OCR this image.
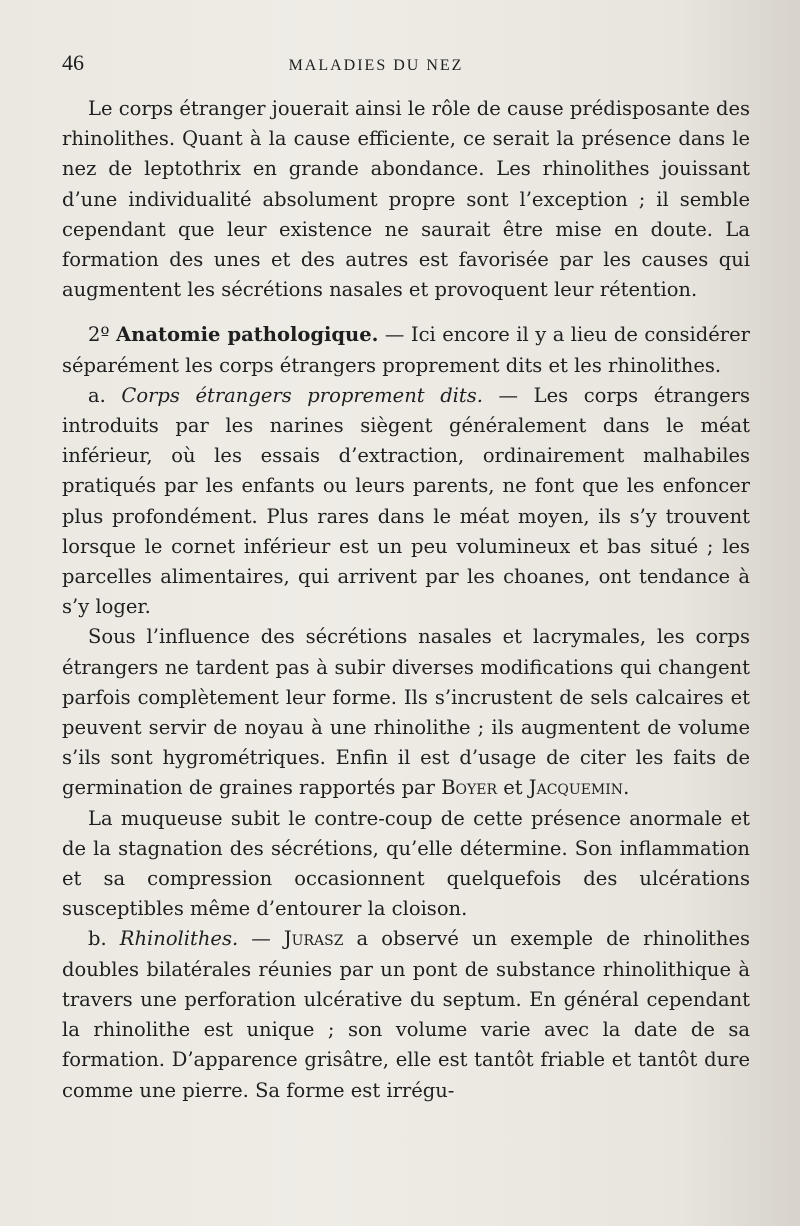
46	MALADIES DU NEZ

Le corps étranger jouerait ainsi le rôle de cause prédisposante des rhinolithes. Quant à la cause efficiente, ce serait la présence dans le nez de leptothrix en grande abondance. Les rhinolithes jouissant d’une individualité absolument propre sont l’exception ; il semble cependant que leur existence ne saurait être mise en doute. La formation des unes et des autres est favorisée par les causes qui augmentent les sécrétions nasales et provoquent leur rétention.

2º Anatomie pathologique. — Ici encore il y a lieu de considérer séparément les corps étrangers proprement dits et les rhinolithes.

a. Corps étrangers proprement dits. — Les corps étrangers introduits par les narines siègent généralement dans le méat inférieur, où les essais d’extraction, ordinairement malhabiles pratiqués par les enfants ou leurs parents, ne font que les enfoncer plus profondément. Plus rares dans le méat moyen, ils s’y trouvent lorsque le cornet inférieur est un peu volumineux et bas situé ; les parcelles alimentaires, qui arrivent par les choanes, ont tendance à s’y loger.

Sous l’influence des sécrétions nasales et lacrymales, les corps étrangers ne tardent pas à subir diverses modifications qui changent parfois complètement leur forme. Ils s’incrustent de sels calcaires et peuvent servir de noyau à une rhinolithe ; ils augmentent de volume s’ils sont hygrométriques. Enfin il est d’usage de citer les faits de germination de graines rapportés par Boyer et Jacquemin.

La muqueuse subit le contre-coup de cette présence anormale et de la stagnation des sécrétions, qu’elle détermine. Son inflammation et sa compression occasionnent quelquefois des ulcérations susceptibles même d’entourer la cloison.

b. Rhinolithes. — Jurasz a observé un exemple de rhinolithes doubles bilatérales réunies par un pont de substance rhinolithique à travers une perforation ulcérative du septum. En général cependant la rhinolithe est unique ; son volume varie avec la date de sa formation. D’apparence grisâtre, elle est tantôt friable et tantôt dure comme une pierre. Sa forme est irrégu-
